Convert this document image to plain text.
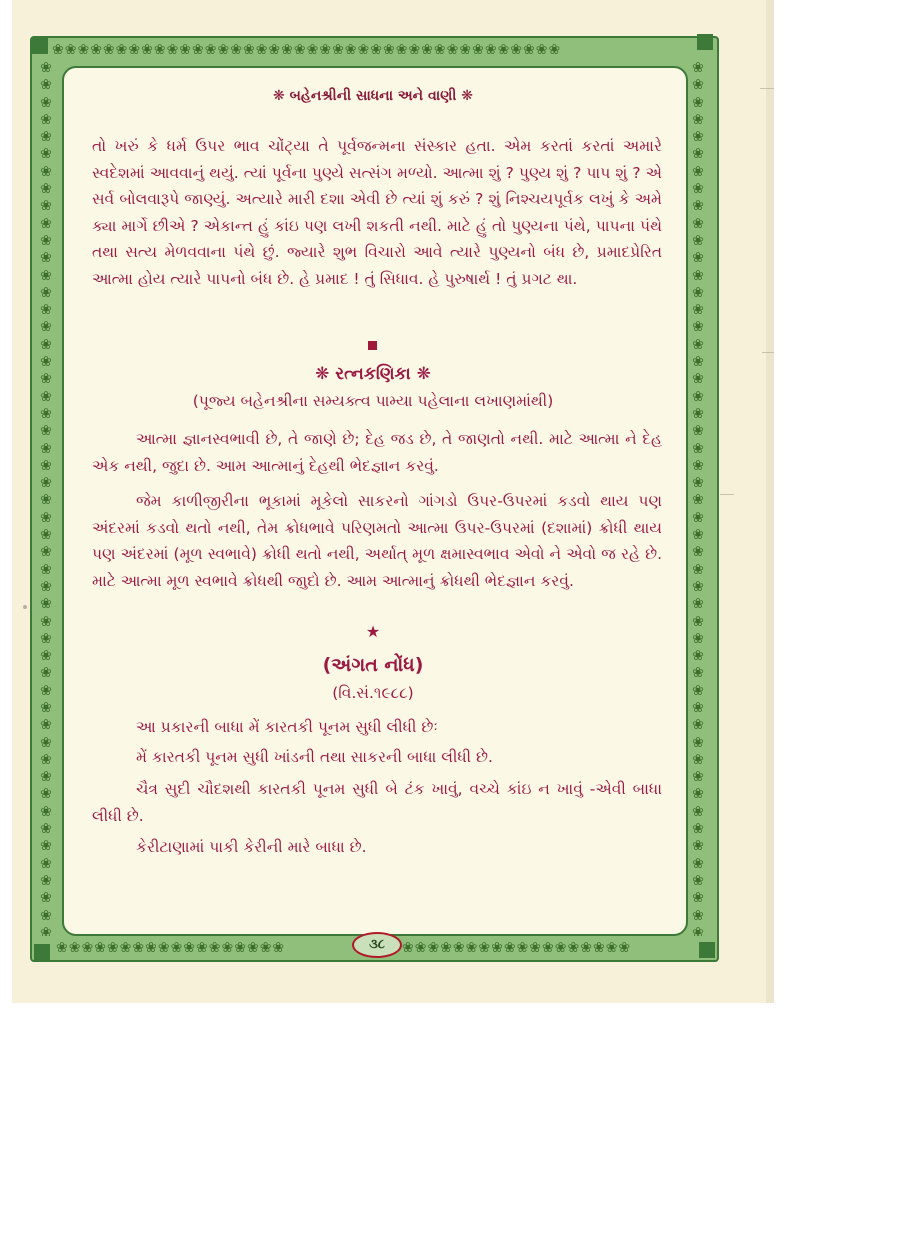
❀❀❀❀❀❀❀❀❀❀❀❀❀❀❀❀❀❀❀❀❀❀❀❀❀❀❀❀❀❀❀❀❀❀❀❀❀❀❀❀
❀❀❀❀❀❀❀❀❀❀❀❀❀❀❀❀❀❀	❀❀❀❀❀❀❀❀❀❀❀❀❀❀❀❀❀❀
❀❀❀❀❀❀❀❀❀❀❀❀❀❀❀❀❀❀❀❀❀❀❀❀❀❀❀❀❀❀❀❀❀❀❀❀❀❀❀❀❀❀❀❀❀❀❀❀❀❀❀
❀❀❀❀❀❀❀❀❀❀❀❀❀❀❀❀❀❀❀❀❀❀❀❀❀❀❀❀❀❀❀❀❀❀❀❀❀❀❀❀❀❀❀❀❀❀❀❀❀❀❀
❋ બહેનશ્રીની સાધના અને વાણી ❋
તો ખરું કે ધર્મ ઉપર ભાવ ચોંટ્યા તે પૂર્વજન્મના સંસ્કાર હતા. એમ કરતાં કરતાં અમારે સ્વદેશમાં આવવાનું થયું. ત્યાં પૂર્વના પુણ્યે સત્સંગ મળ્યો. આત્મા શું ? પુણ્ય શું ? પાપ શું ? એ સર્વ બોલવારૂપે જાણ્યું. અત્યારે મારી દશા એવી છે ત્યાં શું કરું ? શું નિશ્ચયપૂર્વક લખું કે અમે ક્યા માર્ગે છીએ ? એકાન્ત હું કાંઇ પણ લખી શકતી નથી. માટે હું તો પુણ્યના પંથે, પાપના પંથે તથા સત્ય મેળવવાના પંથે છું. જ્યારે શુભ વિચારો આવે ત્યારે પુણ્યનો બંધ છે, પ્રમાદપ્રેરિત આત્મા હોય ત્યારે પાપનો બંધ છે. હે પ્રમાદ ! તું સિધાવ. હે પુરુષાર્થ ! તું પ્રગટ થા.
❋ રત્નકણિકા ❋
(પૂજ્ય બહેનશ્રીના સમ્યક્ત્વ પામ્યા પહેલાના લખાણમાંથી)
આત્મા જ્ઞાનસ્વભાવી છે, તે જાણે છે; દેહ જડ છે, તે જાણતો નથી. માટે આત્મા ને દેહ એક નથી, જુદા છે. આમ આત્માનું દેહથી ભેદજ્ઞાન કરવું.
જેમ કાળીજીરીના ભૂકામાં મૂકેલો સાકરનો ગાંગડો ઉપર-ઉપરમાં કડવો થાય પણ અંદરમાં કડવો થતો નથી, તેમ ક્રોધભાવે પરિણમતો આત્મા ઉપર-ઉપરમાં (દશામાં) ક્રોધી થાય પણ અંદરમાં (મૂળ સ્વભાવે) ક્રોધી થતો નથી, અર્થાત્ મૂળ ક્ષમાસ્વભાવ એવો ને એવો જ રહે છે. માટે આત્મા મૂળ સ્વભાવે ક્રોધથી જાુદો છે. આમ આત્માનું ક્રોધથી ભેદજ્ઞાન કરવું.
★
(અંગત નોંધ)
(વિ.સં.૧૯૮૮)
આ પ્રકારની બાધા મેં કારતકી પૂનમ સુધી લીધી છેઃ
મેં કારતકી પૂનમ સુધી ખાંડની તથા સાકરની બાધા લીધી છે.
ચૈત્ર સુદી ચૌદશથી કારતકી પૂનમ સુધી બે ટંક ખાવું, વચ્ચે કાંઇ ન ખાવું -એવી બાધા લીધી છે.
કેરીટાણામાં પાકી કેરીની મારે બાધા છે.
૩૮
